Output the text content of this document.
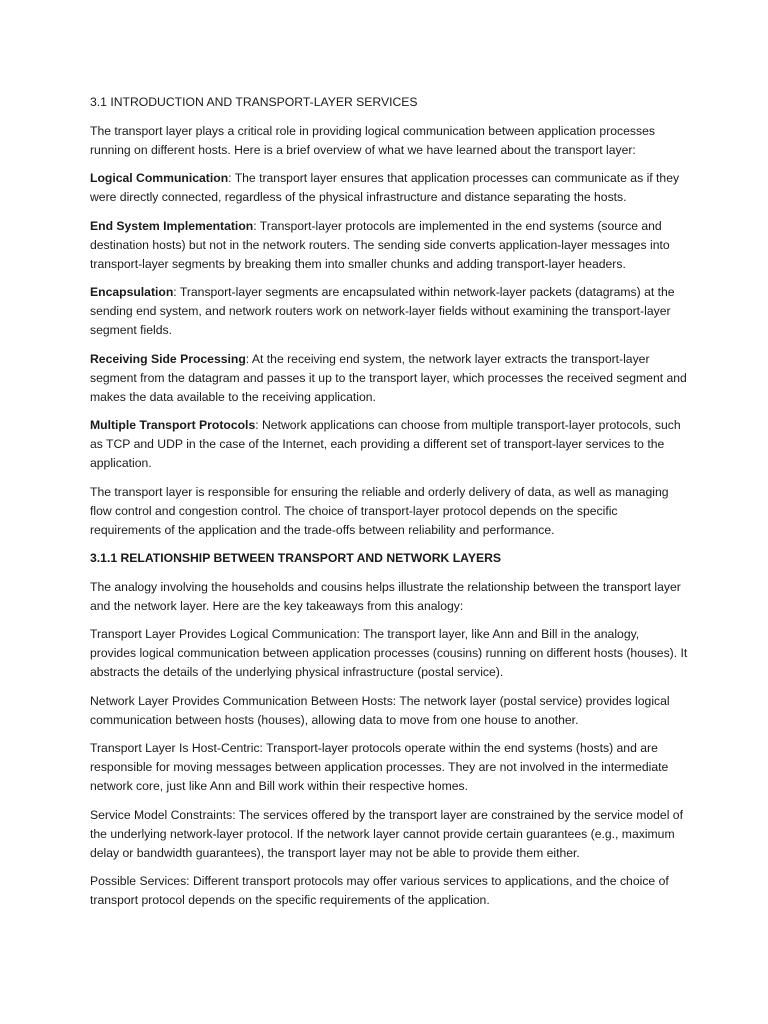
3.1 INTRODUCTION AND TRANSPORT-LAYER SERVICES

The transport layer plays a critical role in providing logical communication between application processes running on different hosts. Here is a brief overview of what we have learned about the transport layer:

Logical Communication: The transport layer ensures that application processes can communicate as if they were directly connected, regardless of the physical infrastructure and distance separating the hosts.

End System Implementation: Transport-layer protocols are implemented in the end systems (source and destination hosts) but not in the network routers. The sending side converts application-layer messages into transport-layer segments by breaking them into smaller chunks and adding transport-layer headers.

Encapsulation: Transport-layer segments are encapsulated within network-layer packets (datagrams) at the sending end system, and network routers work on network-layer fields without examining the transport-layer segment fields.

Receiving Side Processing: At the receiving end system, the network layer extracts the transport-layer segment from the datagram and passes it up to the transport layer, which processes the received segment and makes the data available to the receiving application.

Multiple Transport Protocols: Network applications can choose from multiple transport-layer protocols, such as TCP and UDP in the case of the Internet, each providing a different set of transport-layer services to the application.

The transport layer is responsible for ensuring the reliable and orderly delivery of data, as well as managing flow control and congestion control. The choice of transport-layer protocol depends on the specific requirements of the application and the trade-offs between reliability and performance.

3.1.1 RELATIONSHIP BETWEEN TRANSPORT AND NETWORK LAYERS

The analogy involving the households and cousins helps illustrate the relationship between the transport layer and the network layer. Here are the key takeaways from this analogy:

Transport Layer Provides Logical Communication: The transport layer, like Ann and Bill in the analogy, provides logical communication between application processes (cousins) running on different hosts (houses). It abstracts the details of the underlying physical infrastructure (postal service).

Network Layer Provides Communication Between Hosts: The network layer (postal service) provides logical communication between hosts (houses), allowing data to move from one house to another.

Transport Layer Is Host-Centric: Transport-layer protocols operate within the end systems (hosts) and are responsible for moving messages between application processes. They are not involved in the intermediate network core, just like Ann and Bill work within their respective homes.

Service Model Constraints: The services offered by the transport layer are constrained by the service model of the underlying network-layer protocol. If the network layer cannot provide certain guarantees (e.g., maximum delay or bandwidth guarantees), the transport layer may not be able to provide them either.

Possible Services: Different transport protocols may offer various services to applications, and the choice of transport protocol depends on the specific requirements of the application.
